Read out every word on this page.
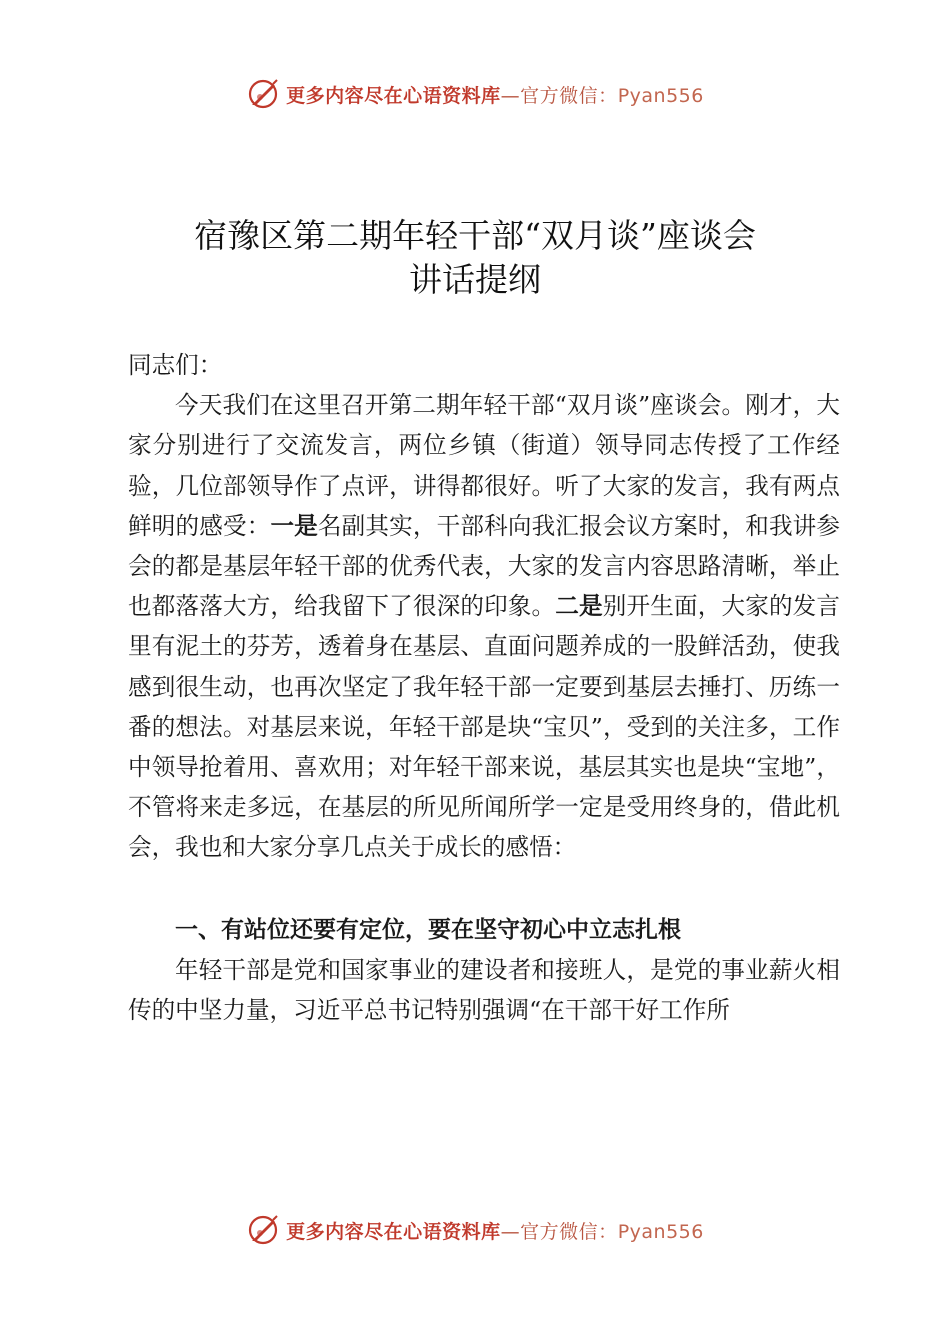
更多内容尽在心语资料库—官方微信：Pyan556
宿豫区第二期年轻干部“双月谈”座谈会
讲话提纲

同志们：

今天我们在这里召开第二期年轻干部“双月谈”座谈会。刚才，大家分别进行了交流发言，两位乡镇（街道）领导同志传授了工作经验，几位部领导作了点评，讲得都很好。听了大家的发言，我有两点鲜明的感受：一是名副其实，干部科向我汇报会议方案时，和我讲参会的都是基层年轻干部的优秀代表，大家的发言内容思路清晰，举止也都落落大方，给我留下了很深的印象。二是别开生面，大家的发言里有泥土的芬芳，透着身在基层、直面问题养成的一股鲜活劲，使我感到很生动，也再次坚定了我年轻干部一定要到基层去捶打、历练一番的想法。对基层来说，年轻干部是块“宝贝”，受到的关注多，工作中领导抢着用、喜欢用；对年轻干部来说，基层其实也是块“宝地”，不管将来走多远，在基层的所见所闻所学一定是受用终身的，借此机会，我也和大家分享几点关于成长的感悟：

一、有站位还要有定位，要在坚守初心中立志扎根

年轻干部是党和国家事业的建设者和接班人，是党的事业薪火相传的中坚力量，习近平总书记特别强调“在干部干好工作所

更多内容尽在心语资料库—官方微信：Pyan556
